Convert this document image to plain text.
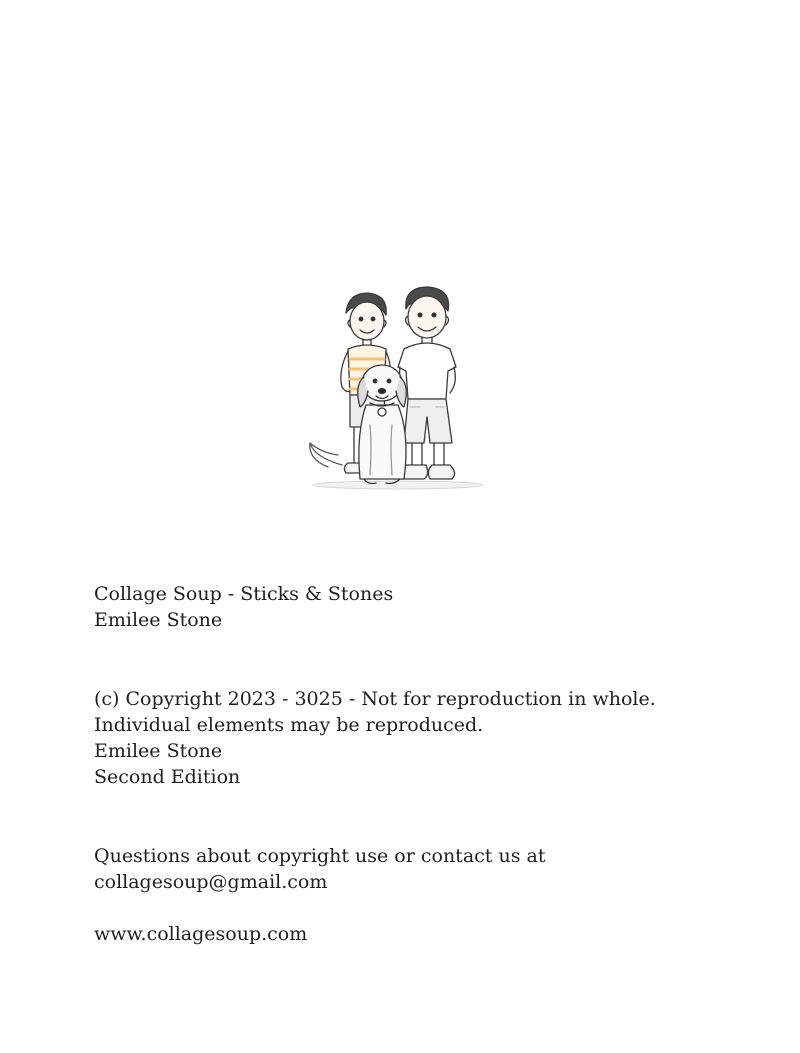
Collage Soup - Sticks & Stones
Emilee Stone

(c) Copyright 2023 - 3025 - Not for reproduction in whole.
Individual elements may be reproduced.
Emilee Stone
Second Edition

Questions about copyright use or contact us at
collagesoup@gmail.com

www.collagesoup.com
